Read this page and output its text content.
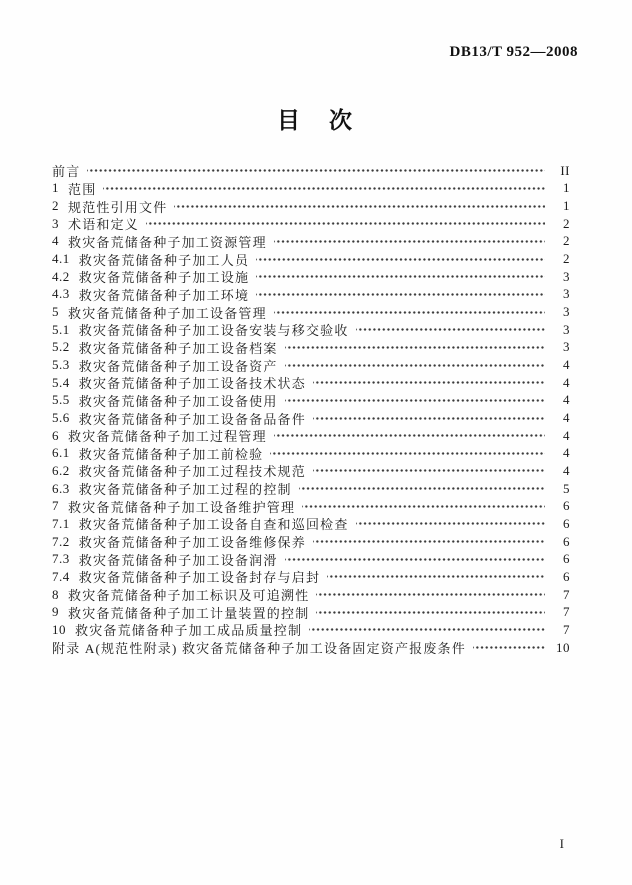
DB13/T 952—2008
目　次
前言	II
1 范围	1
2 规范性引用文件	1
3 术语和定义	2
4 救灾备荒储备种子加工资源管理	2
4.1 救灾备荒储备种子加工人员	2
4.2 救灾备荒储备种子加工设施	3
4.3 救灾备荒储备种子加工环境	3
5 救灾备荒储备种子加工设备管理	3
5.1 救灾备荒储备种子加工设备安装与移交验收	3
5.2 救灾备荒储备种子加工设备档案	3
5.3 救灾备荒储备种子加工设备资产	4
5.4 救灾备荒储备种子加工设备技术状态	4
5.5 救灾备荒储备种子加工设备使用	4
5.6 救灾备荒储备种子加工设备备品备件	4
6 救灾备荒储备种子加工过程管理	4
6.1 救灾备荒储备种子加工前检验	4
6.2 救灾备荒储备种子加工过程技术规范	4
6.3 救灾备荒储备种子加工过程的控制	5
7 救灾备荒储备种子加工设备维护管理	6
7.1 救灾备荒储备种子加工设备自查和巡回检查	6
7.2 救灾备荒储备种子加工设备维修保养	6
7.3 救灾备荒储备种子加工设备润滑	6
7.4 救灾备荒储备种子加工设备封存与启封	6
8 救灾备荒储备种子加工标识及可追溯性	7
9 救灾备荒储备种子加工计量装置的控制	7
10 救灾备荒储备种子加工成品质量控制	7
附录 A(规范性附录) 救灾备荒储备种子加工设备固定资产报废条件	10
I
